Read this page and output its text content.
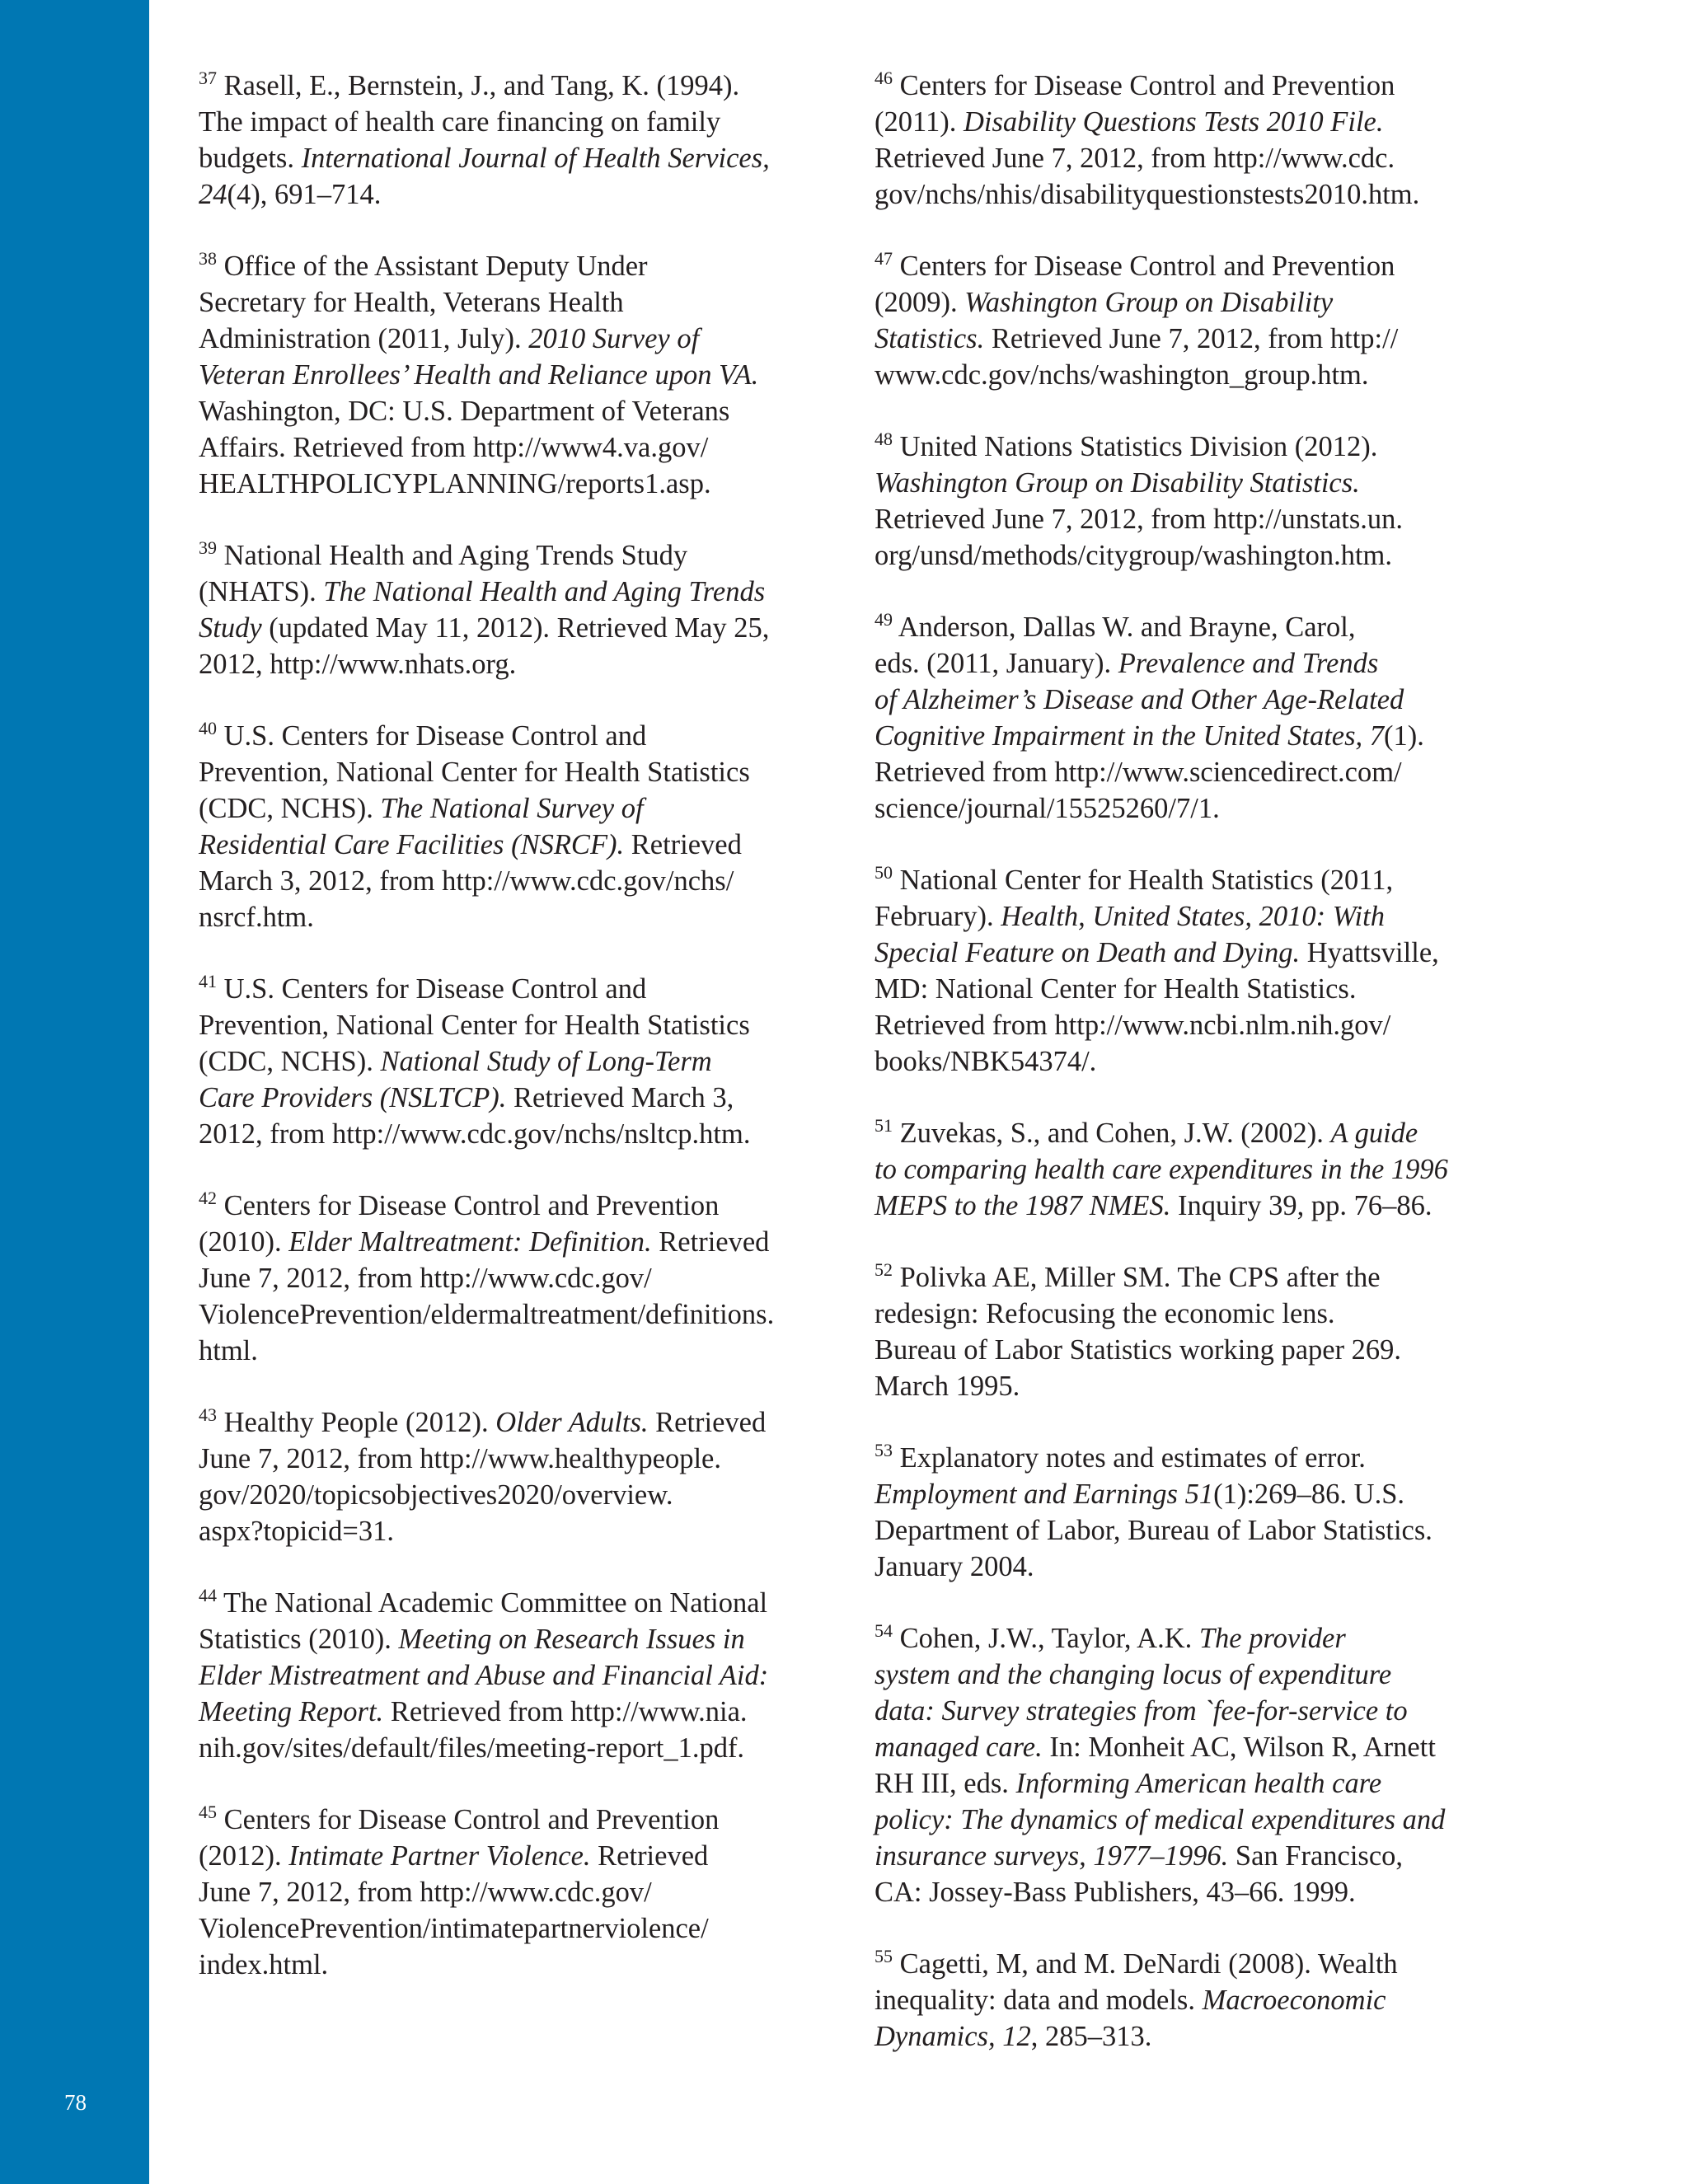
78
$^{37}$ Rasell, E., Bernstein, J., and Tang, K. (1994).
The impact of health care financing on family
budgets. International Journal of Health Services,
24(4), 691–714.
$^{38}$ Office of the Assistant Deputy Under
Secretary for Health, Veterans Health
Administration (2011, July). 2010 Survey of
Veteran Enrollees’ Health and Reliance upon VA.
Washington, DC: U.S. Department of Veterans
Affairs. Retrieved from http://www4.va.gov/
HEALTHPOLICYPLANNING/reports1.asp.
$^{39}$ National Health and Aging Trends Study
(NHATS). The National Health and Aging Trends
Study (updated May 11, 2012). Retrieved May 25,
2012, http://www.nhats.org.
$^{40}$ U.S. Centers for Disease Control and
Prevention, National Center for Health Statistics
(CDC, NCHS). The National Survey of
Residential Care Facilities (NSRCF). Retrieved
March 3, 2012, from http://www.cdc.gov/nchs/
nsrcf.htm.
$^{41}$ U.S. Centers for Disease Control and
Prevention, National Center for Health Statistics
(CDC, NCHS). National Study of Long-Term
Care Providers (NSLTCP). Retrieved March 3,
2012, from http://www.cdc.gov/nchs/nsltcp.htm.
$^{42}$ Centers for Disease Control and Prevention
(2010). Elder Maltreatment: Definition. Retrieved
June 7, 2012, from http://www.cdc.gov/
ViolencePrevention/eldermaltreatment/definitions.
html.
$^{43}$ Healthy People (2012). Older Adults. Retrieved
June 7, 2012, from http://www.healthypeople.
gov/2020/topicsobjectives2020/overview.
aspx?topicid=31.
$^{44}$ The National Academic Committee on National
Statistics (2010). Meeting on Research Issues in
Elder Mistreatment and Abuse and Financial Aid:
Meeting Report. Retrieved from http://www.nia.
nih.gov/sites/default/files/meeting-report_1.pdf.
$^{45}$ Centers for Disease Control and Prevention
(2012). Intimate Partner Violence. Retrieved
June 7, 2012, from http://www.cdc.gov/
ViolencePrevention/intimatepartnerviolence/
index.html.
$^{46}$ Centers for Disease Control and Prevention
(2011). Disability Questions Tests 2010 File.
Retrieved June 7, 2012, from http://www.cdc.
gov/nchs/nhis/disabilityquestionstests2010.htm.
$^{47}$ Centers for Disease Control and Prevention
(2009). Washington Group on Disability
Statistics. Retrieved June 7, 2012, from http://
www.cdc.gov/nchs/washington_group.htm.
$^{48}$ United Nations Statistics Division (2012).
Washington Group on Disability Statistics.
Retrieved June 7, 2012, from http://unstats.un.
org/unsd/methods/citygroup/washington.htm.
$^{49}$ Anderson, Dallas W. and Brayne, Carol,
eds. (2011, January). Prevalence and Trends
of Alzheimer’s Disease and Other Age-Related
Cognitive Impairment in the United States, 7(1).
Retrieved from http://www.sciencedirect.com/
science/journal/15525260/7/1.
$^{50}$ National Center for Health Statistics (2011,
February). Health, United States, 2010: With
Special Feature on Death and Dying. Hyattsville,
MD: National Center for Health Statistics.
Retrieved from http://www.ncbi.nlm.nih.gov/
books/NBK54374/.
$^{51}$ Zuvekas, S., and Cohen, J.W. (2002). A guide
to comparing health care expenditures in the 1996
MEPS to the 1987 NMES. Inquiry 39, pp. 76–86.
$^{52}$ Polivka AE, Miller SM. The CPS after the
redesign: Refocusing the economic lens.
Bureau of Labor Statistics working paper 269.
March 1995.
$^{53}$ Explanatory notes and estimates of error.
Employment and Earnings 51(1):269–86. U.S.
Department of Labor, Bureau of Labor Statistics.
January 2004.
$^{54}$ Cohen, J.W., Taylor, A.K. The provider
system and the changing locus of expenditure
data: Survey strategies from `fee-for-service to
managed care. In: Monheit AC, Wilson R, Arnett
RH III, eds. Informing American health care
policy: The dynamics of medical expenditures and
insurance surveys, 1977–1996. San Francisco,
CA: Jossey-Bass Publishers, 43–66. 1999.
$^{55}$ Cagetti, M, and M. DeNardi (2008). Wealth
inequality: data and models. Macroeconomic
Dynamics, 12, 285–313.
